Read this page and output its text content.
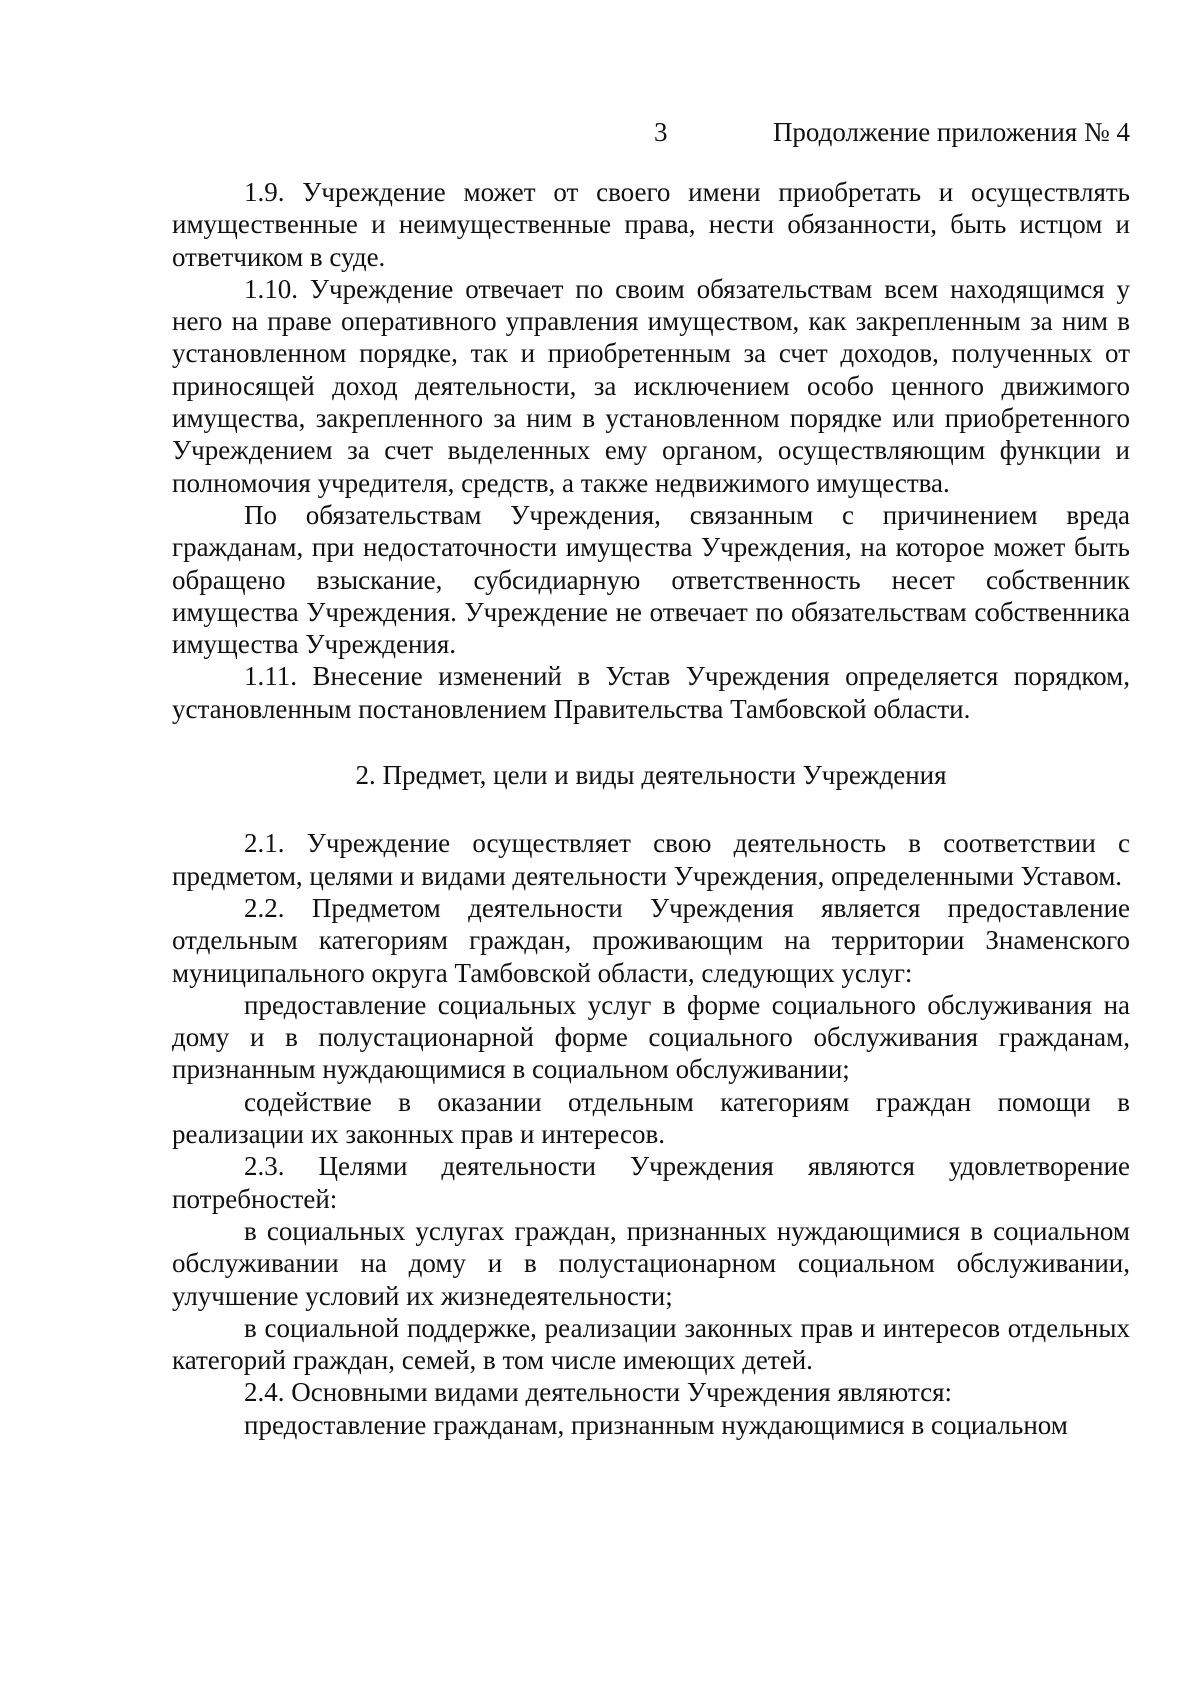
3	Продолжение приложения № 4

1.9. Учреждение может от своего имени приобретать и осуществлять имущественные и неимущественные права, нести обязанности, быть истцом и ответчиком в суде.

1.10. Учреждение отвечает по своим обязательствам всем находящимся у него на праве оперативного управления имуществом, как закрепленным за ним в установленном порядке, так и приобретенным за счет доходов, полученных от приносящей доход деятельности, за исключением особо ценного движимого имущества, закрепленного за ним в установленном порядке или приобретенного Учреждением за счет выделенных ему органом, осуществляющим функции и полномочия учредителя, средств, а также недвижимого имущества.

По обязательствам Учреждения, связанным с причинением вреда гражданам, при недостаточности имущества Учреждения, на которое может быть обращено взыскание, субсидиарную ответственность несет собственник имущества Учреждения. Учреждение не отвечает по обязательствам собственника имущества Учреждения.

1.11. Внесение изменений в Устав Учреждения определяется порядком, установленным постановлением Правительства Тамбовской области.

2. Предмет, цели и виды деятельности Учреждения

2.1. Учреждение осуществляет свою деятельность в соответствии с предметом, целями и видами деятельности Учреждения, определенными Уставом.

2.2. Предметом деятельности Учреждения является предоставление отдельным категориям граждан, проживающим на территории Знаменского муниципального округа Тамбовской области, следующих услуг:

предоставление социальных услуг в форме социального обслуживания на дому и в полустационарной форме социального обслуживания гражданам, признанным нуждающимися в социальном обслуживании;

содействие в оказании отдельным категориям граждан помощи в реализации их законных прав и интересов.

2.3. Целями деятельности Учреждения являются удовлетворение потребностей:

в социальных услугах граждан, признанных нуждающимися в социальном обслуживании на дому и в полустационарном социальном обслуживании, улучшение условий их жизнедеятельности;

в социальной поддержке, реализации законных прав и интересов отдельных категорий граждан, семей, в том числе имеющих детей.

2.4. Основными видами деятельности Учреждения являются:

предоставление гражданам, признанным нуждающимися в социальном
